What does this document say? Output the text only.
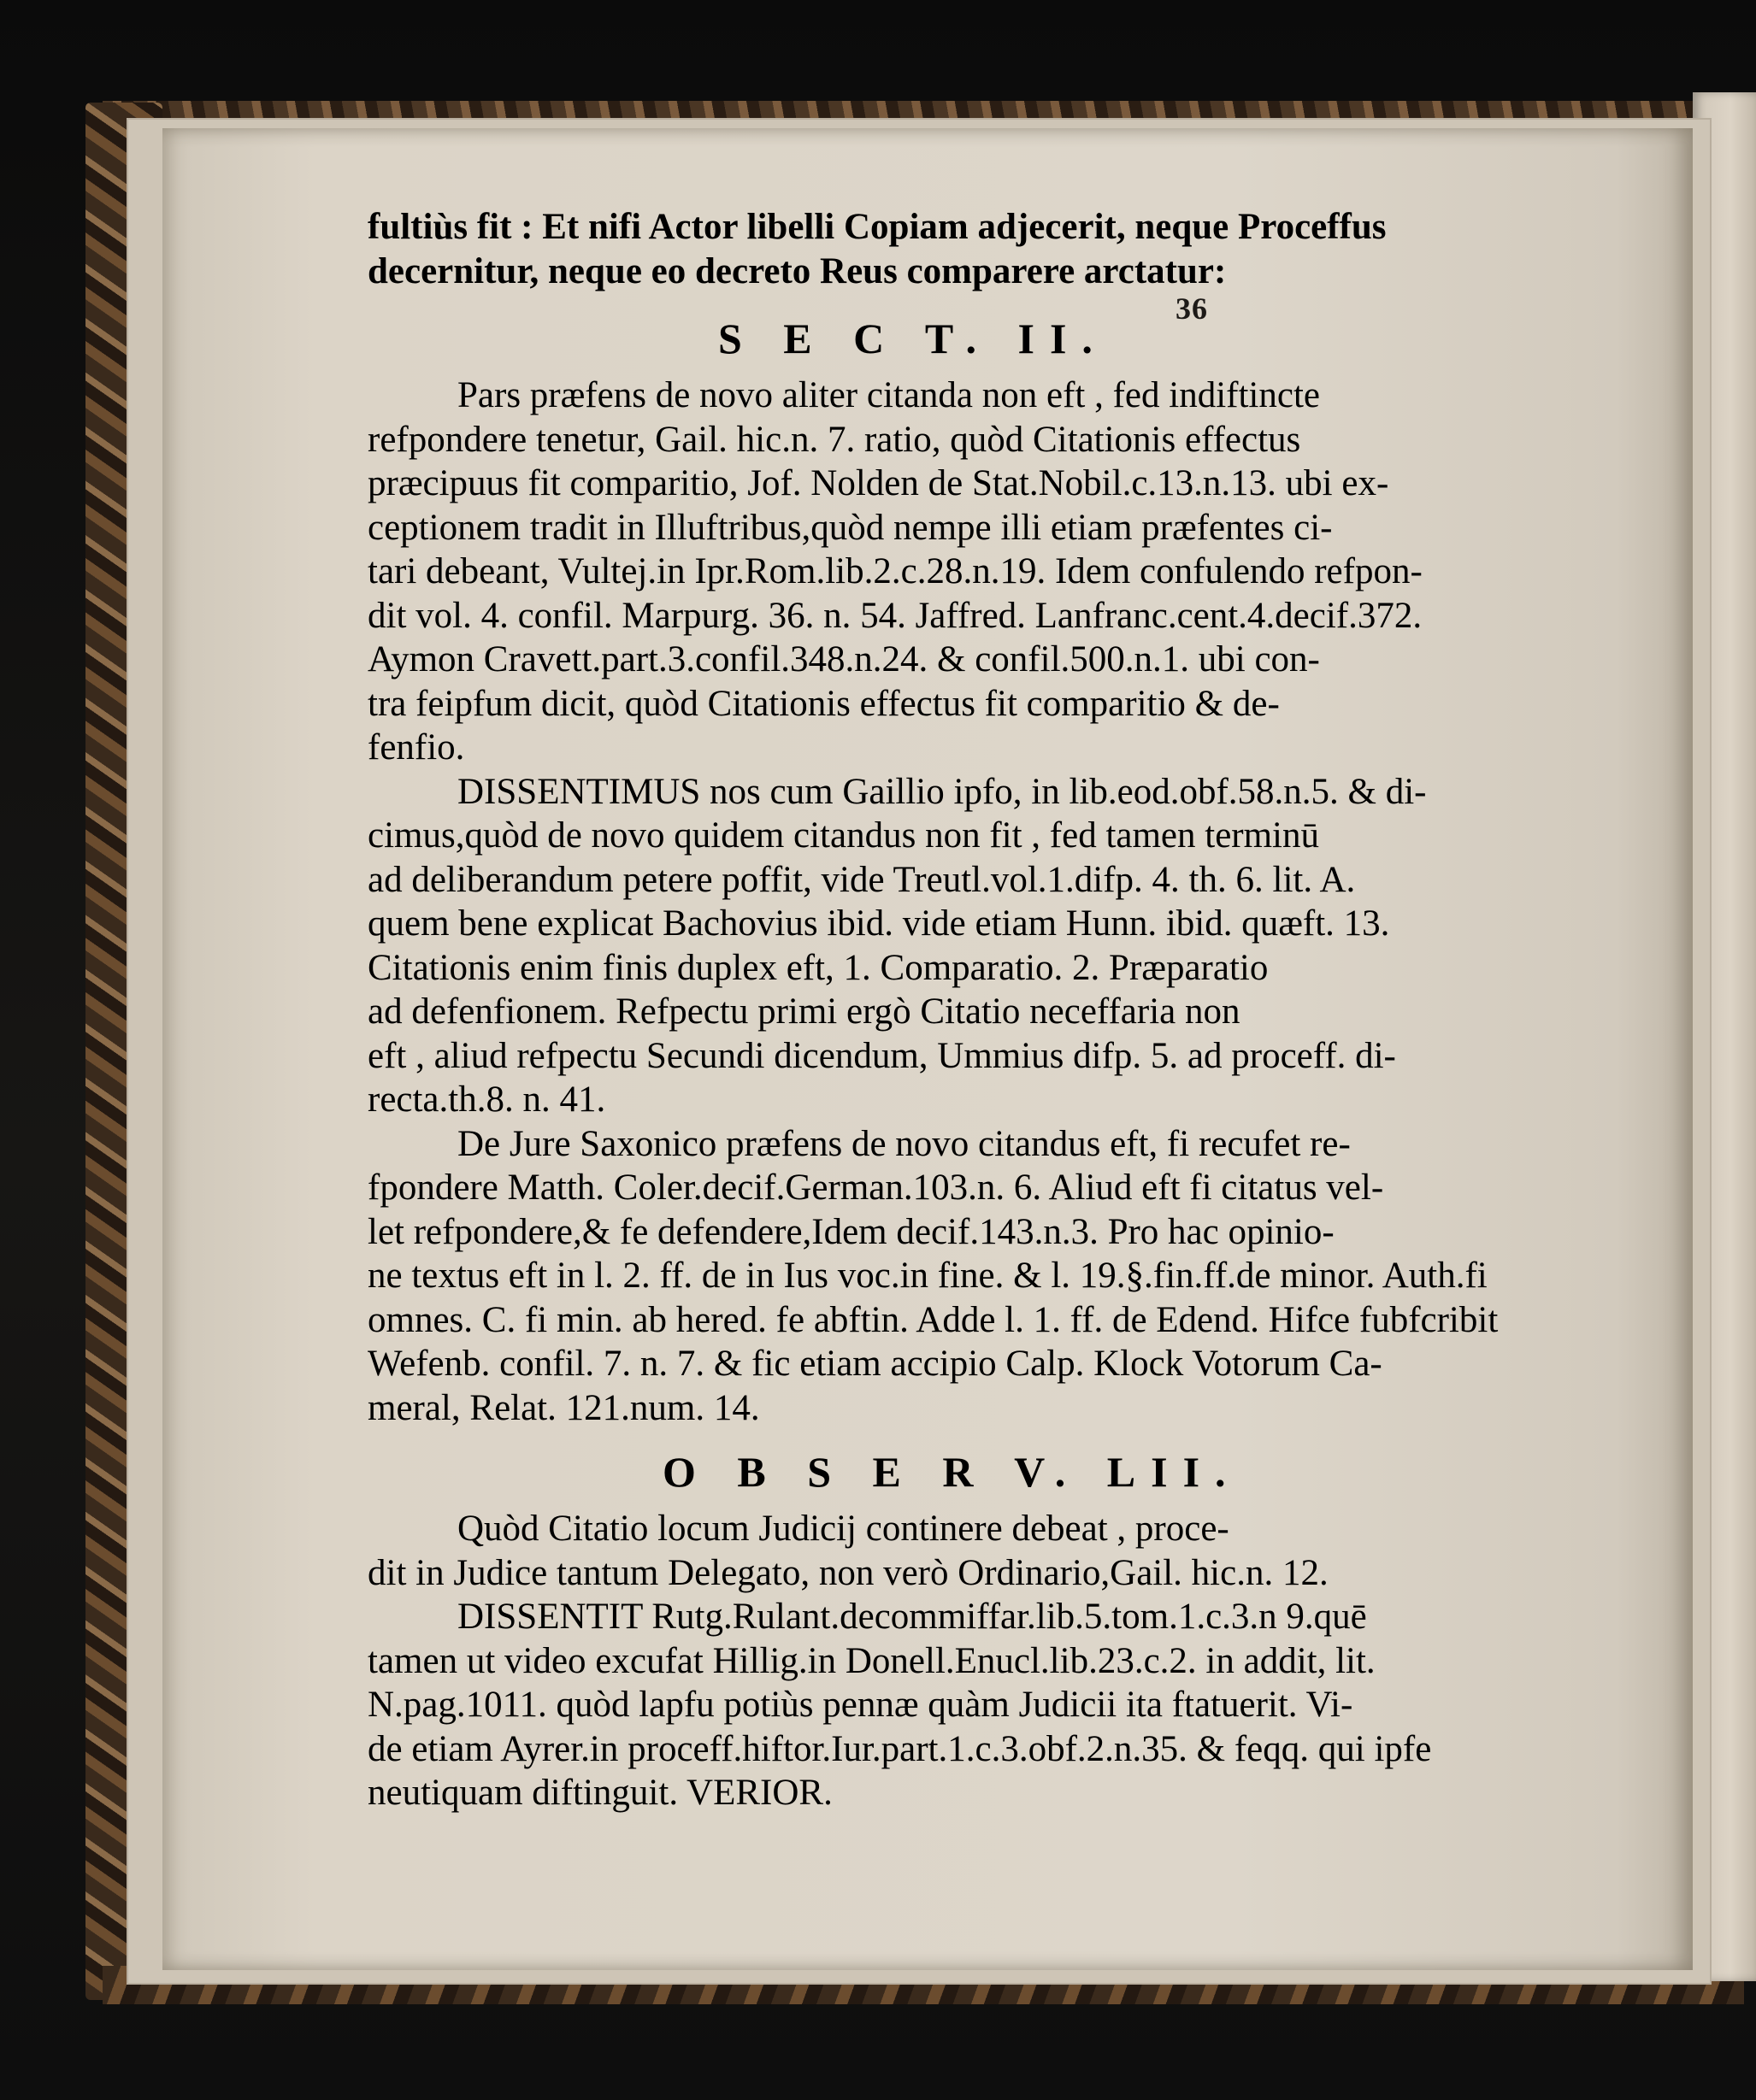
36
fultiùs fit : Et nifi Actor libelli Copiam adjecerit, neque Proceffus
decernitur, neque eo decreto Reus comparere arctatur:
S E C T. II.
Pars præfens de novo aliter citanda non eft , fed indiftincte
refpondere tenetur, Gail. hic.n. 7. ratio, quòd Citationis effectus
præcipuus fit comparitio, Jof. Nolden de Stat.Nobil.c.13.n.13. ubi ex-
ceptionem tradit in Illuftribus,quòd nempe illi etiam præfentes ci-
tari debeant, Vultej.in Ipr.Rom.lib.2.c.28.n.19. Idem confulendo refpon-
dit vol. 4. confil. Marpurg. 36. n. 54. Jaffred. Lanfranc.cent.4.decif.372.
Aymon Cravett.part.3.confil.348.n.24. & confil.500.n.1. ubi con-
tra feipfum dicit, quòd Citationis effectus fit comparitio & de-
fenfio.
DISSENTIMUS nos cum Gaillio ipfo, in lib.eod.obf.58.n.5. & di-
cimus,quòd de novo quidem citandus non fit , fed tamen terminū
ad deliberandum petere poffit, vide Treutl.vol.1.difp. 4. th. 6. lit. A.
quem bene explicat Bachovius ibid. vide etiam Hunn. ibid. quæft. 13.
Citationis enim finis duplex eft, 1. Comparatio. 2. Præparatio
ad defenfionem. Refpectu primi ergò Citatio neceffaria non
eft , aliud refpectu Secundi dicendum, Ummius difp. 5. ad proceff. di-
recta.th.8. n. 41.
De Jure Saxonico præfens de novo citandus eft, fi recufet re-
fpondere Matth. Coler.decif.German.103.n. 6. Aliud eft fi citatus vel-
let refpondere,& fe defendere,Idem decif.143.n.3. Pro hac opinio-
ne textus eft in l. 2. ff. de in Ius voc.in fine. & l. 19.§.fin.ff.de minor. Auth.fi
omnes. C. fi min. ab hered. fe abftin. Adde l. 1. ff. de Edend. Hifce fubfcribit
Wefenb. confil. 7. n. 7. & fic etiam accipio Calp. Klock Votorum Ca-
meral, Relat. 121.num. 14.
O B S E R V. LII.
Quòd Citatio locum Judicij continere debeat , proce-
dit in Judice tantum Delegato, non verò Ordinario,Gail. hic.n. 12.
DISSENTIT Rutg.Rulant.decommiffar.lib.5.tom.1.c.3.n 9.quē
tamen ut video excufat Hillig.in Donell.Enucl.lib.23.c.2. in addit, lit.
N.pag.1011. quòd lapfu potiùs pennæ quàm Judicii ita ftatuerit. Vi-
de etiam Ayrer.in proceff.hiftor.Iur.part.1.c.3.obf.2.n.35. & feqq. qui ipfe
neutiquam diftinguit. VERIOR.
